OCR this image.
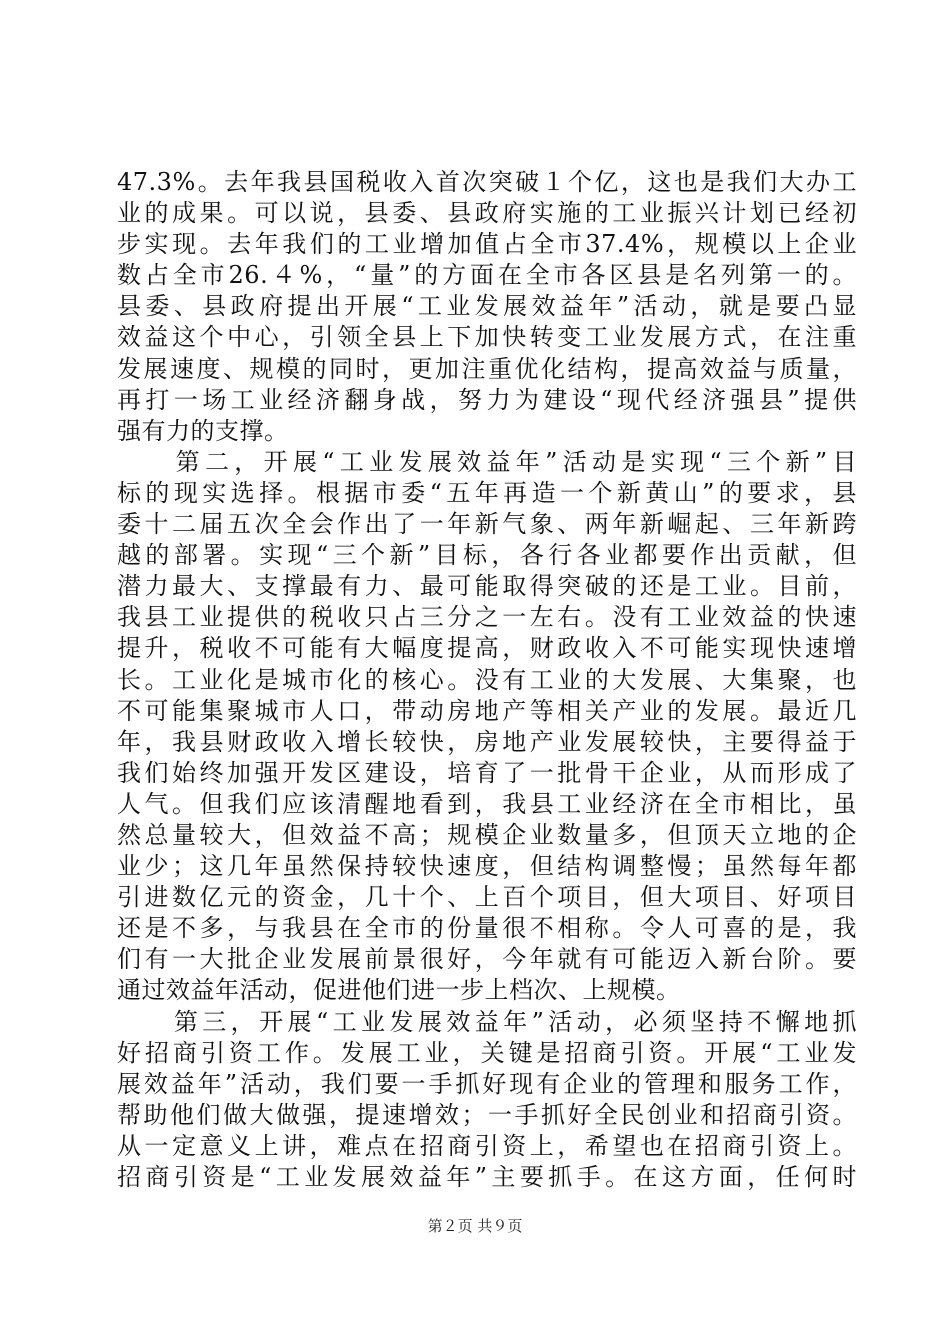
47.3%。去年我县国税收入首次突破１个亿，这也是我们大办工
业的成果。可以说，县委、县政府实施的工业振兴计划已经初
步实现。去年我们的工业增加值占全市37.4%，规模以上企业
数占全市26.４%，“量”的方面在全市各区县是名列第一的。
县委、县政府提出开展“工业发展效益年”活动，就是要凸显
效益这个中心，引领全县上下加快转变工业发展方式，在注重
发展速度、规模的同时，更加注重优化结构，提高效益与质量，
再打一场工业经济翻身战，努力为建设“现代经济强县”提供
强有力的支撑。
　　第二，开展“工业发展效益年”活动是实现“三个新”目
标的现实选择。根据市委“五年再造一个新黄山”的要求，县
委十二届五次全会作出了一年新气象、两年新崛起、三年新跨
越的部署。实现“三个新”目标，各行各业都要作出贡献，但
潜力最大、支撑最有力、最可能取得突破的还是工业。目前，
我县工业提供的税收只占三分之一左右。没有工业效益的快速
提升，税收不可能有大幅度提高，财政收入不可能实现快速增
长。工业化是城市化的核心。没有工业的大发展、大集聚，也
不可能集聚城市人口，带动房地产等相关产业的发展。最近几
年，我县财政收入增长较快，房地产业发展较快，主要得益于
我们始终加强开发区建设，培育了一批骨干企业，从而形成了
人气。但我们应该清醒地看到，我县工业经济在全市相比，虽
然总量较大，但效益不高；规模企业数量多，但顶天立地的企
业少；这几年虽然保持较快速度，但结构调整慢；虽然每年都
引进数亿元的资金，几十个、上百个项目，但大项目、好项目
还是不多，与我县在全市的份量很不相称。令人可喜的是，我
们有一大批企业发展前景很好，今年就有可能迈入新台阶。要
通过效益年活动，促进他们进一步上档次、上规模。
　　第三，开展“工业发展效益年”活动，必须坚持不懈地抓
好招商引资工作。发展工业，关键是招商引资。开展“工业发
展效益年”活动，我们要一手抓好现有企业的管理和服务工作，
帮助他们做大做强，提速增效；一手抓好全民创业和招商引资。
从一定意义上讲，难点在招商引资上，希望也在招商引资上。
招商引资是“工业发展效益年”主要抓手。在这方面，任何时
第２页 共９页
